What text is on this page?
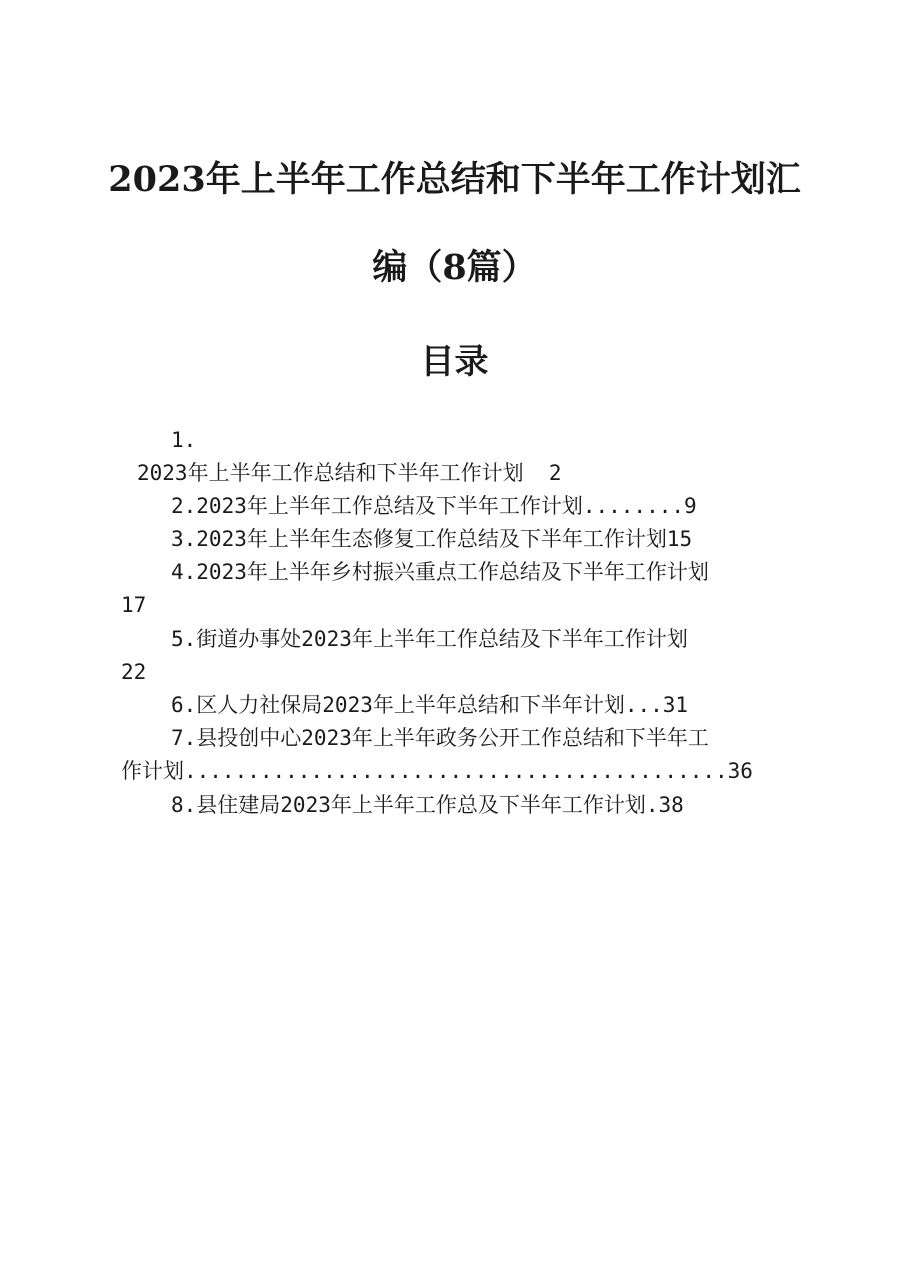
2023年上半年工作总结和下半年工作计划汇
编（8篇）
目录

1.

2023年上半年工作总结和下半年工作计划  2

2.2023年上半年工作总结及下半年工作计划........9

3.2023年上半年生态修复工作总结及下半年工作计划15

4.2023年上半年乡村振兴重点工作总结及下半年工作计划

17

5.街道办事处2023年上半年工作总结及下半年工作计划

22

6.区人力社保局2023年上半年总结和下半年计划...31

7.县投创中心2023年上半年政务公开工作总结和下半年工

作计划...........................................36

8.县住建局2023年上半年工作总及下半年工作计划.38
